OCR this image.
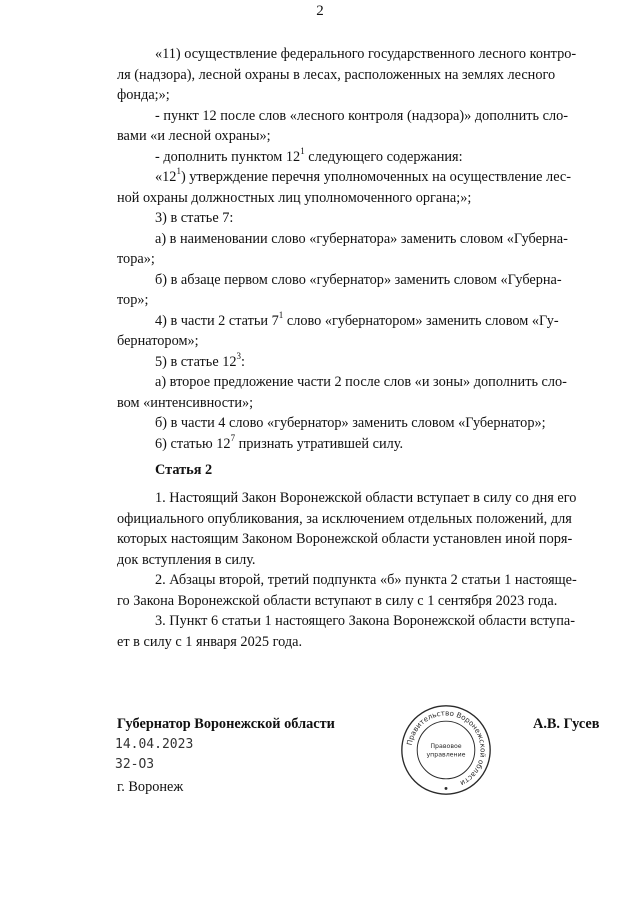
2

«11) осуществление федерального государственного лесного контро-

ля (надзора), лесной охраны в лесах, расположенных на землях лесного

фонда;»;

- пункт 12 после слов «лесного контроля (надзора)» дополнить сло-

вами «и лесной охраны»;

- дополнить пунктом $12^1$ следующего содержания:

«$12^1$) утверждение перечня уполномоченных на осуществление лес-

ной охраны должностных лиц уполномоченного органа;»;

3) в статье 7:

а) в наименовании слово «губернатора» заменить словом «Губерна-

тора»;

б) в абзаце первом слово «губернатор» заменить словом «Губерна-

тор»;

4) в части 2 статьи $7^1$ слово «губернатором» заменить словом «Гу-

бернатором»;

5) в статье $12^3$:

а) второе предложение части 2 после слов «и зоны» дополнить сло-

вом «интенсивности»;

б) в части 4 слово «губернатор» заменить словом «Губернатор»;

6) статью $12^7$ признать утратившей силу.

Статья 2

1. Настоящий Закон Воронежской области вступает в силу со дня его

официального опубликования, за исключением отдельных положений, для

которых настоящим Законом Воронежской области установлен иной поря-

док вступления в силу.

2. Абзацы второй, третий подпункта «б» пункта 2 статьи 1 настояще-

го Закона Воронежской области вступают в силу с 1 сентября 2023 года.

3. Пункт 6 статьи 1 настоящего Закона Воронежской области вступа-

ет в силу с 1 января 2025 года.

Губернатор Воронежской области
14.04.2023
32-ОЗ
г. Воронеж
А.В. Гусев
Правительство Воронежской области
Правовое
управление
